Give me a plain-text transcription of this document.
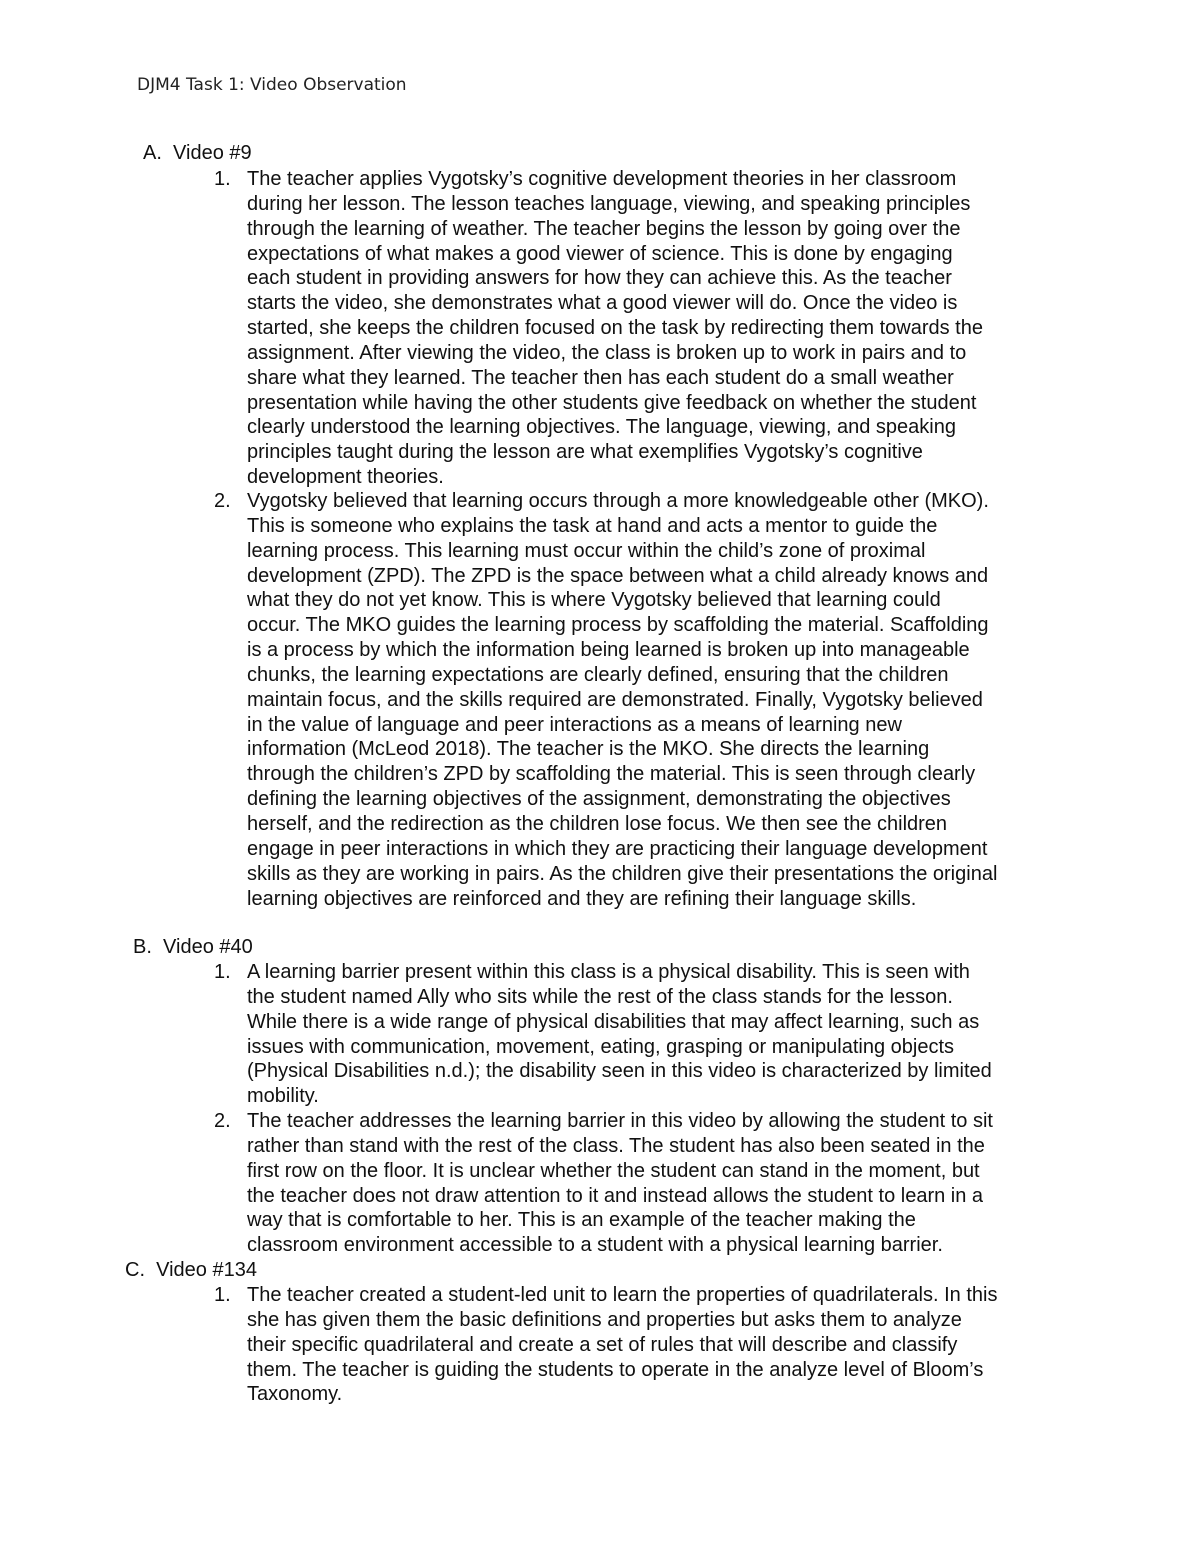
DJM4 Task 1: Video Observation
A. Video #9
1. The teacher applies Vygotsky’s cognitive development theories in her classroom
during her lesson. The lesson teaches language, viewing, and speaking principles
through the learning of weather. The teacher begins the lesson by going over the
expectations of what makes a good viewer of science. This is done by engaging
each student in providing answers for how they can achieve this. As the teacher
starts the video, she demonstrates what a good viewer will do. Once the video is
started, she keeps the children focused on the task by redirecting them towards the
assignment. After viewing the video, the class is broken up to work in pairs and to
share what they learned. The teacher then has each student do a small weather
presentation while having the other students give feedback on whether the student
clearly understood the learning objectives. The language, viewing, and speaking
principles taught during the lesson are what exemplifies Vygotsky’s cognitive
development theories.
2. Vygotsky believed that learning occurs through a more knowledgeable other (MKO).
This is someone who explains the task at hand and acts a mentor to guide the
learning process. This learning must occur within the child’s zone of proximal
development (ZPD). The ZPD is the space between what a child already knows and
what they do not yet know. This is where Vygotsky believed that learning could
occur. The MKO guides the learning process by scaffolding the material. Scaffolding
is a process by which the information being learned is broken up into manageable
chunks, the learning expectations are clearly defined, ensuring that the children
maintain focus, and the skills required are demonstrated. Finally, Vygotsky believed
in the value of language and peer interactions as a means of learning new
information (McLeod 2018). The teacher is the MKO. She directs the learning
through the children’s ZPD by scaffolding the material. This is seen through clearly
defining the learning objectives of the assignment, demonstrating the objectives
herself, and the redirection as the children lose focus. We then see the children
engage in peer interactions in which they are practicing their language development
skills as they are working in pairs. As the children give their presentations the original
learning objectives are reinforced and they are refining their language skills.
B. Video #40
1. A learning barrier present within this class is a physical disability. This is seen with
the student named Ally who sits while the rest of the class stands for the lesson.
While there is a wide range of physical disabilities that may affect learning, such as
issues with communication, movement, eating, grasping or manipulating objects
(Physical Disabilities n.d.); the disability seen in this video is characterized by limited
mobility.
2. The teacher addresses the learning barrier in this video by allowing the student to sit
rather than stand with the rest of the class. The student has also been seated in the
first row on the floor. It is unclear whether the student can stand in the moment, but
the teacher does not draw attention to it and instead allows the student to learn in a
way that is comfortable to her. This is an example of the teacher making the
classroom environment accessible to a student with a physical learning barrier.
C. Video #134
1. The teacher created a student-led unit to learn the properties of quadrilaterals. In this
she has given them the basic definitions and properties but asks them to analyze
their specific quadrilateral and create a set of rules that will describe and classify
them. The teacher is guiding the students to operate in the analyze level of Bloom’s
Taxonomy.
